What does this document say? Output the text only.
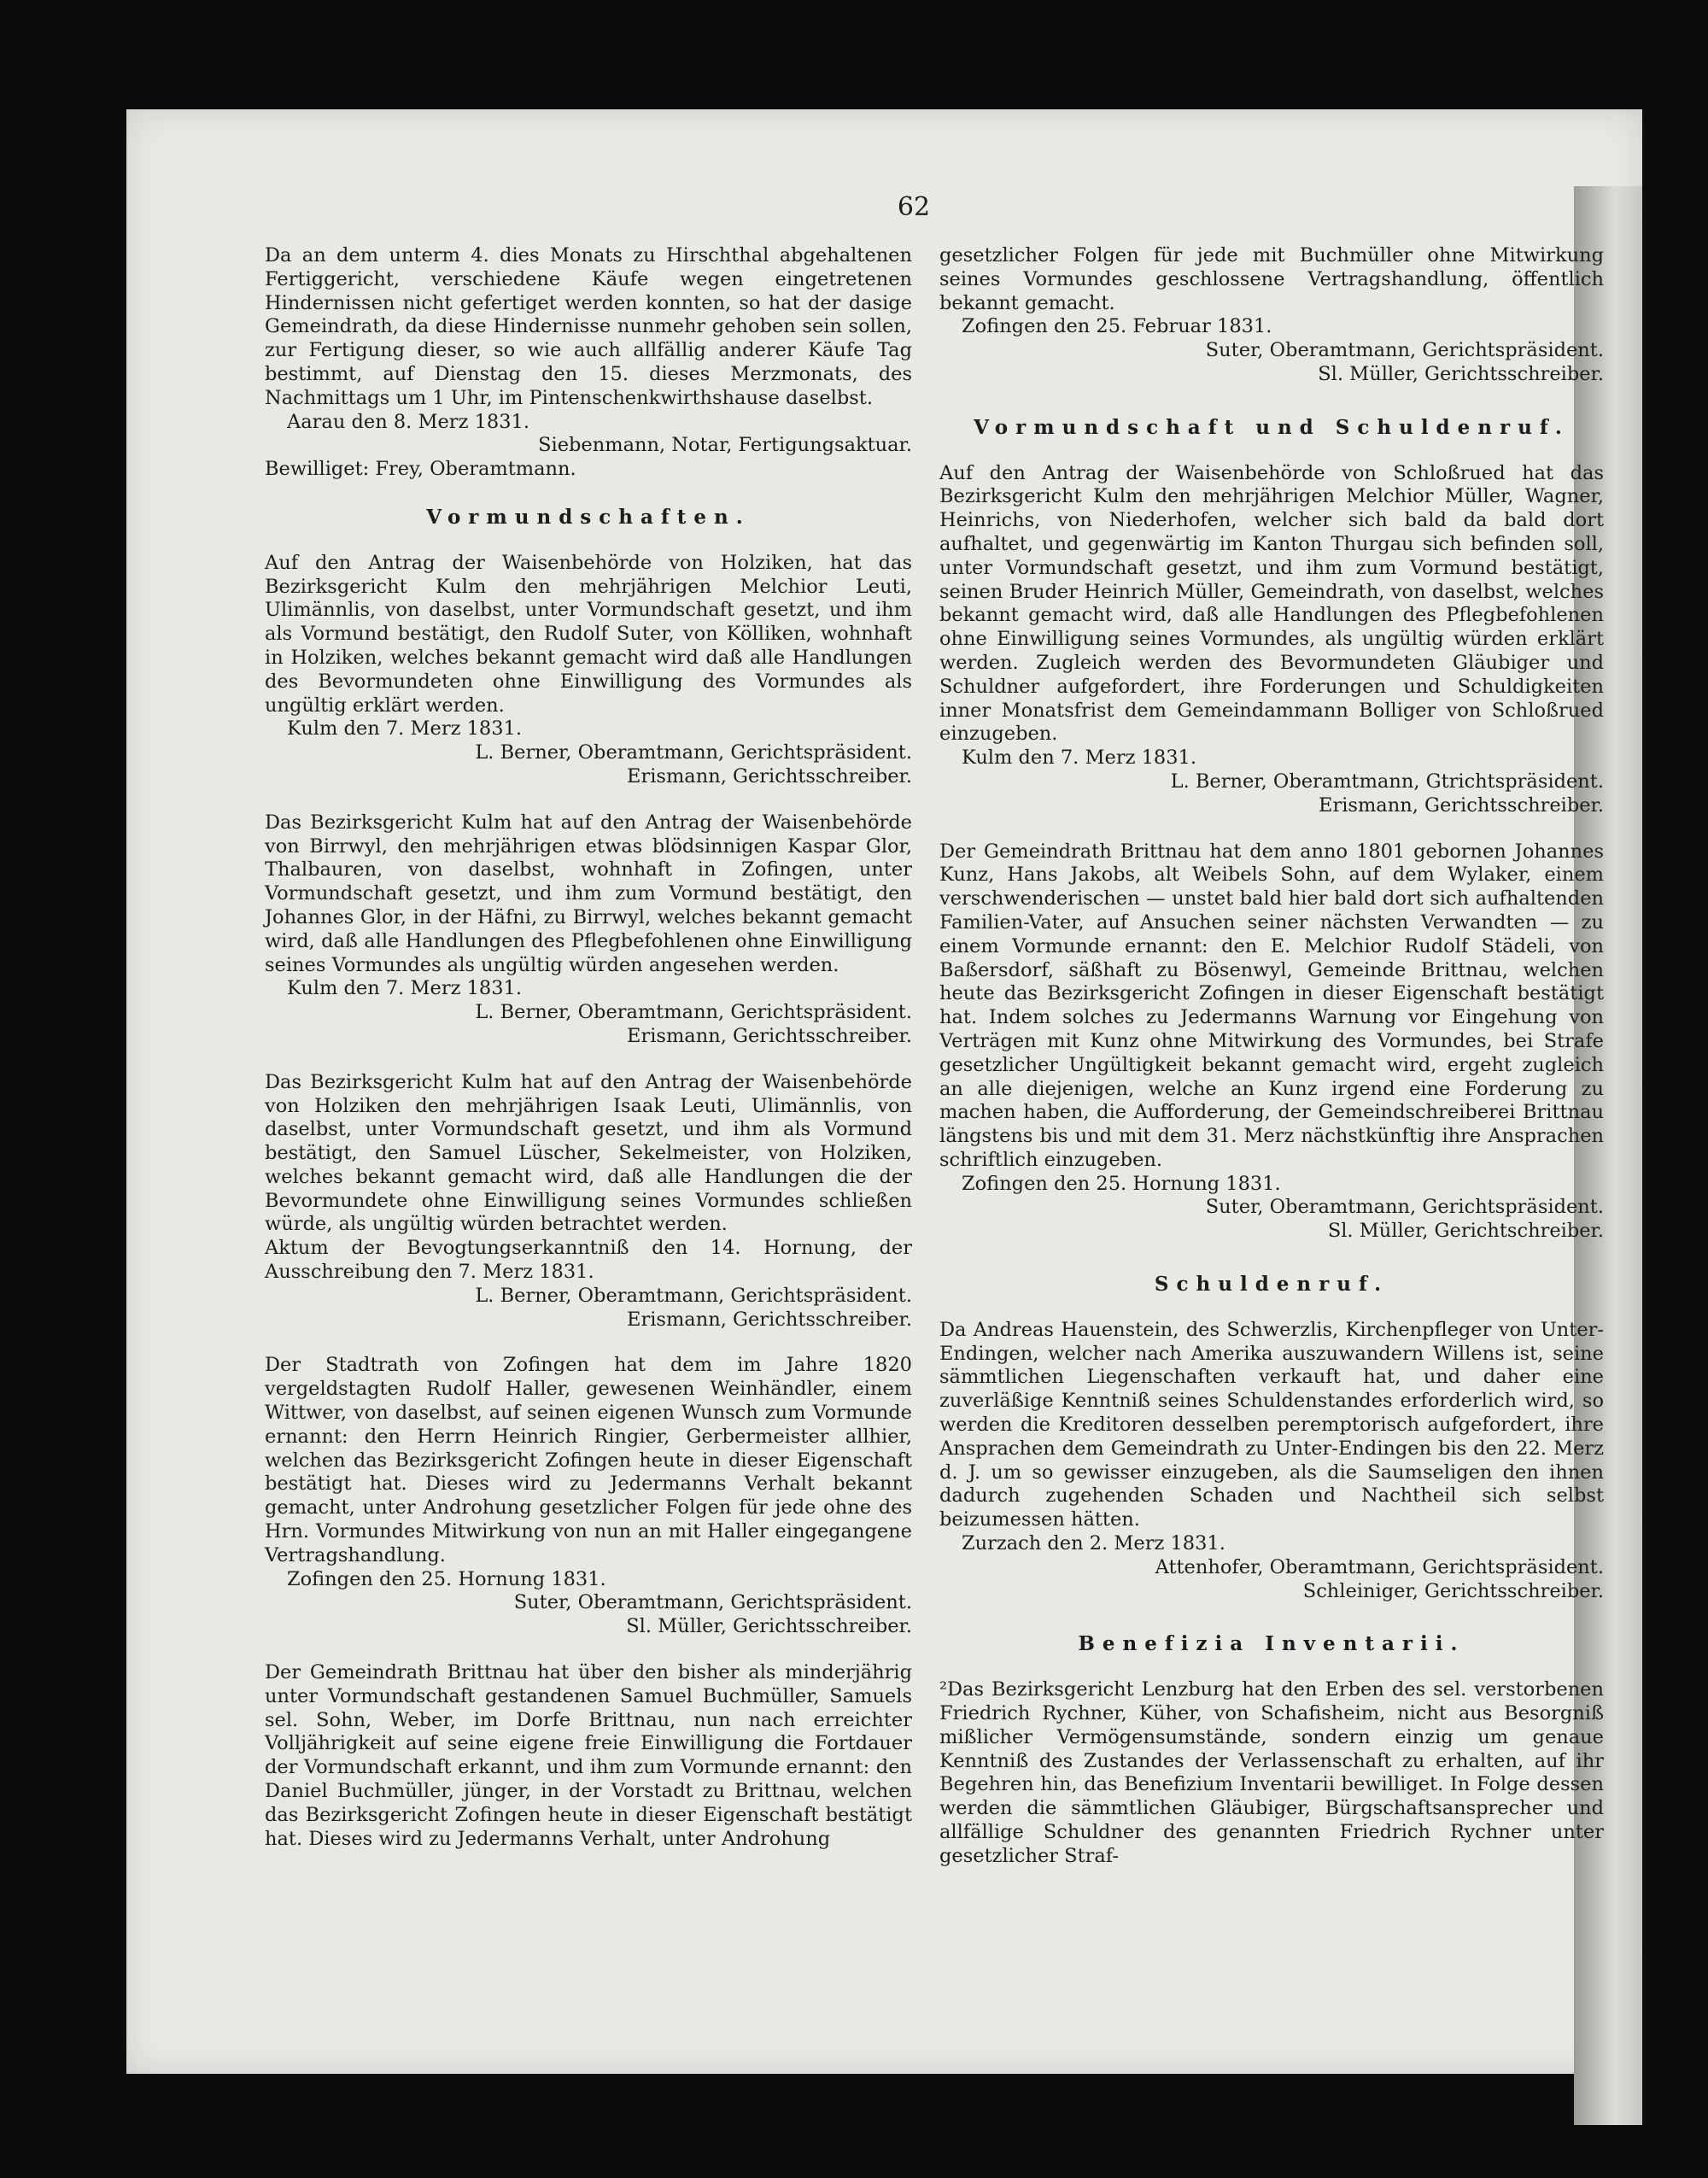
62

Da an dem unterm 4. dies Monats zu Hirschthal abgehaltenen Fertiggericht, verschiedene Käufe wegen eingetretenen Hindernissen nicht gefertiget werden konnten, so hat der dasige Gemeindrath, da diese Hindernisse nunmehr gehoben sein sollen, zur Fertigung dieser, so wie auch allfällig anderer Käufe Tag bestimmt, auf Dienstag den 15. dieses Merzmonats, des Nachmittags um 1 Uhr, im Pintenschenkwirthshause daselbst.

Aarau den 8. Merz 1831.

Siebenmann, Notar, Fertigungsaktuar.

Bewilliget: Frey, Oberamtmann.

Vormundschaften.

Auf den Antrag der Waisenbehörde von Holziken, hat das Bezirksgericht Kulm den mehrjährigen Melchior Leuti, Ulimännlis, von daselbst, unter Vormundschaft gesetzt, und ihm als Vormund bestätigt, den Rudolf Suter, von Kölliken, wohnhaft in Holziken, welches bekannt gemacht wird daß alle Handlungen des Bevormundeten ohne Einwilligung des Vormundes als ungültig erklärt werden.

Kulm den 7. Merz 1831.

L. Berner, Oberamtmann, Gerichtspräsident.

Erismann, Gerichtsschreiber.

Das Bezirksgericht Kulm hat auf den Antrag der Waisenbehörde von Birrwyl, den mehrjährigen etwas blödsinnigen Kaspar Glor, Thalbauren, von daselbst, wohnhaft in Zofingen, unter Vormundschaft gesetzt, und ihm zum Vormund bestätigt, den Johannes Glor, in der Häfni, zu Birrwyl, welches bekannt gemacht wird, daß alle Handlungen des Pflegbefohlenen ohne Einwilligung seines Vormundes als ungültig würden angesehen werden.

Kulm den 7. Merz 1831.

L. Berner, Oberamtmann, Gerichtspräsident.

Erismann, Gerichtsschreiber.

Das Bezirksgericht Kulm hat auf den Antrag der Waisenbehörde von Holziken den mehrjährigen Isaak Leuti, Ulimännlis, von daselbst, unter Vormundschaft gesetzt, und ihm als Vormund bestätigt, den Samuel Lüscher, Sekelmeister, von Holziken, welches bekannt gemacht wird, daß alle Handlungen die der Bevormundete ohne Einwilligung seines Vormundes schließen würde, als ungültig würden betrachtet werden.
Aktum der Bevogtungserkanntniß den 14. Hornung, der Ausschreibung den 7. Merz 1831.

L. Berner, Oberamtmann, Gerichtspräsident.

Erismann, Gerichtsschreiber.

Der Stadtrath von Zofingen hat dem im Jahre 1820 vergeldstagten Rudolf Haller, gewesenen Weinhändler, einem Wittwer, von daselbst, auf seinen eigenen Wunsch zum Vormunde ernannt: den Herrn Heinrich Ringier, Gerbermeister allhier, welchen das Bezirksgericht Zofingen heute in dieser Eigenschaft bestätigt hat. Dieses wird zu Jedermanns Verhalt bekannt gemacht, unter Androhung gesetzlicher Folgen für jede ohne des Hrn. Vormundes Mitwirkung von nun an mit Haller eingegangene Vertragshandlung.

Zofingen den 25. Hornung 1831.

Suter, Oberamtmann, Gerichtspräsident.

Sl. Müller, Gerichtsschreiber.

Der Gemeindrath Brittnau hat über den bisher als minderjährig unter Vormundschaft gestandenen Samuel Buchmüller, Samuels sel. Sohn, Weber, im Dorfe Brittnau, nun nach erreichter Volljährigkeit auf seine eigene freie Einwilligung die Fortdauer der Vormundschaft erkannt, und ihm zum Vormunde ernannt: den Daniel Buchmüller, jünger, in der Vorstadt zu Brittnau, welchen das Bezirksgericht Zofingen heute in dieser Eigenschaft bestätigt hat. Dieses wird zu Jedermanns Verhalt, unter Androhung

gesetzlicher Folgen für jede mit Buchmüller ohne Mitwirkung seines Vormundes geschlossene Vertragshandlung, öffentlich bekannt gemacht.

Zofingen den 25. Februar 1831.

Suter, Oberamtmann, Gerichtspräsident.

Sl. Müller, Gerichtsschreiber.

Vormundschaft und Schuldenruf.

Auf den Antrag der Waisenbehörde von Schloßrued hat das Bezirksgericht Kulm den mehrjährigen Melchior Müller, Wagner, Heinrichs, von Niederhofen, welcher sich bald da bald dort aufhaltet, und gegenwärtig im Kanton Thurgau sich befinden soll, unter Vormundschaft gesetzt, und ihm zum Vormund bestätigt, seinen Bruder Heinrich Müller, Gemeindrath, von daselbst, welches bekannt gemacht wird, daß alle Handlungen des Pflegbefohlenen ohne Einwilligung seines Vormundes, als ungültig würden erklärt werden. Zugleich werden des Bevormundeten Gläubiger und Schuldner aufgefordert, ihre Forderungen und Schuldigkeiten inner Monatsfrist dem Gemeindammann Bolliger von Schloßrued einzugeben.

Kulm den 7. Merz 1831.

L. Berner, Oberamtmann, Gtrichtspräsident.

Erismann, Gerichtsschreiber.

Der Gemeindrath Brittnau hat dem anno 1801 gebornen Johannes Kunz, Hans Jakobs, alt Weibels Sohn, auf dem Wylaker, einem verschwenderischen — unstet bald hier bald dort sich aufhaltenden Familien-Vater, auf Ansuchen seiner nächsten Verwandten — zu einem Vormunde ernannt: den E. Melchior Rudolf Städeli, von Baßersdorf, säßhaft zu Bösenwyl, Gemeinde Brittnau, welchen heute das Bezirksgericht Zofingen in dieser Eigenschaft bestätigt hat. Indem solches zu Jedermanns Warnung vor Eingehung von Verträgen mit Kunz ohne Mitwirkung des Vormundes, bei Strafe gesetzlicher Ungültigkeit bekannt gemacht wird, ergeht zugleich an alle diejenigen, welche an Kunz irgend eine Forderung zu machen haben, die Aufforderung, der Gemeindschreiberei Brittnau längstens bis und mit dem 31. Merz nächstkünftig ihre Ansprachen schriftlich einzugeben.

Zofingen den 25. Hornung 1831.

Suter, Oberamtmann, Gerichtspräsident.

Sl. Müller, Gerichtschreiber.

Schuldenruf.

Da Andreas Hauenstein, des Schwerzlis, Kirchenpfleger von Unter-Endingen, welcher nach Amerika auszuwandern Willens ist, seine sämmtlichen Liegenschaften verkauft hat, und daher eine zuverläßige Kenntniß seines Schuldenstandes erforderlich wird, so werden die Kreditoren desselben peremptorisch aufgefordert, ihre Ansprachen dem Gemeindrath zu Unter-Endingen bis den 22. Merz d. J. um so gewisser einzugeben, als die Saumseligen den ihnen dadurch zugehenden Schaden und Nachtheil sich selbst beizumessen hätten.

Zurzach den 2. Merz 1831.

Attenhofer, Oberamtmann, Gerichtspräsident.

Schleiniger, Gerichtsschreiber.

Benefizia Inventarii.

²Das Bezirksgericht Lenzburg hat den Erben des sel. verstorbenen Friedrich Rychner, Küher, von Schafisheim, nicht aus Besorgniß mißlicher Vermögensumstände, sondern einzig um genaue Kenntniß des Zustandes der Verlassenschaft zu erhalten, auf ihr Begehren hin, das Benefizium Inventarii bewilliget. In Folge dessen werden die sämmtlichen Gläubiger, Bürgschaftsansprecher und allfällige Schuldner des genannten Friedrich Rychner unter gesetzlicher Straf-
